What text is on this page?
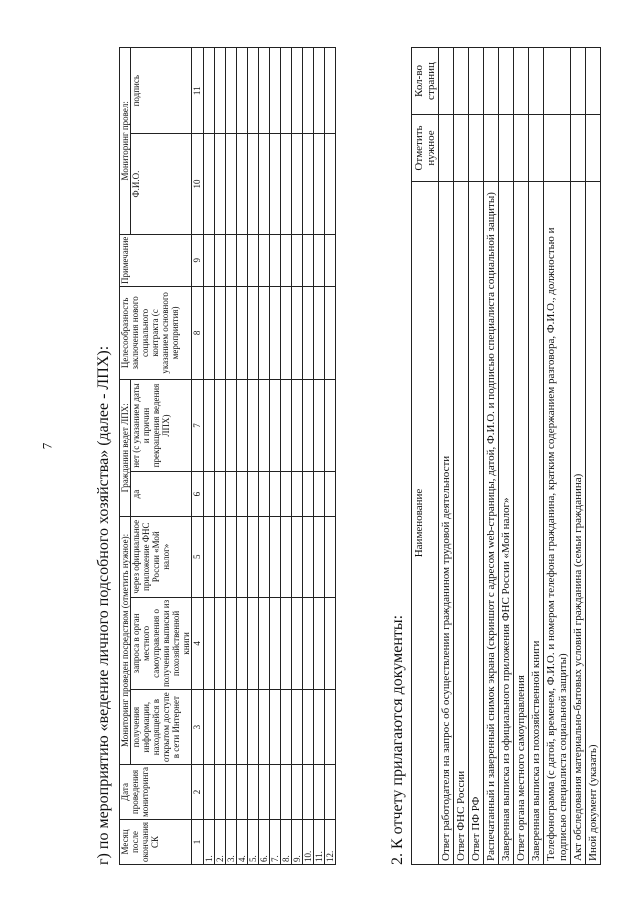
7	г) по мероприятию «ведение личного подсобного хозяйства» (далее - ЛПХ): Месяц после окончания СК	Дата проведения мониторинга	Мониторинг проведен посредством (отметить нужное):			Гражданин ведет ЛПХ:		Целесообразность заключения нового социального контракта (с указанием основного мероприятия)	Примечание	Мониторинг провел:	
		получения информации, находящейся в открытом доступе в сети Интернет	запроса в орган местного самоуправления о получении выписки из похозяйственной книги	через официальное приложение ФНС России «Мой налог»	да	нет (с указанием даты и причин прекращения ведения ЛПХ)			Ф.И.О.	подпись
1	2	3	4	5	6	7	8	9	10	11
1.										
2.										
3.										
4.										
5.										
6.										
7.										
8.										
9.										
10.										
11.										
12.											2. К отчету прилагаются документы:
Наименование	Отметить нужное	Кол-во страниц
Ответ работодателя на запрос об осуществлении гражданином трудовой деятельности		
Ответ ФНС России		
Ответ ПФ РФ		
Распечатанный и заверенный снимок экрана (скриншот с адресом web-страницы, датой, Ф.И.О. и подписью специалиста социальной защиты)		
Заверенная выписка из официального приложения ФНС России «Мой налог»		
Ответ органа местного самоуправления		
Заверенная выписка из похозяйственной книги		
Телефонограмма (с датой, временем, Ф.И.О. и номером телефона гражданина, кратким содержанием разговора, Ф.И.О., должностью и подписью специалиста социальной защиты)		
Акт обследования материально-бытовых условий гражданина (семьи гражданина)		
Иной документ (указать)		
